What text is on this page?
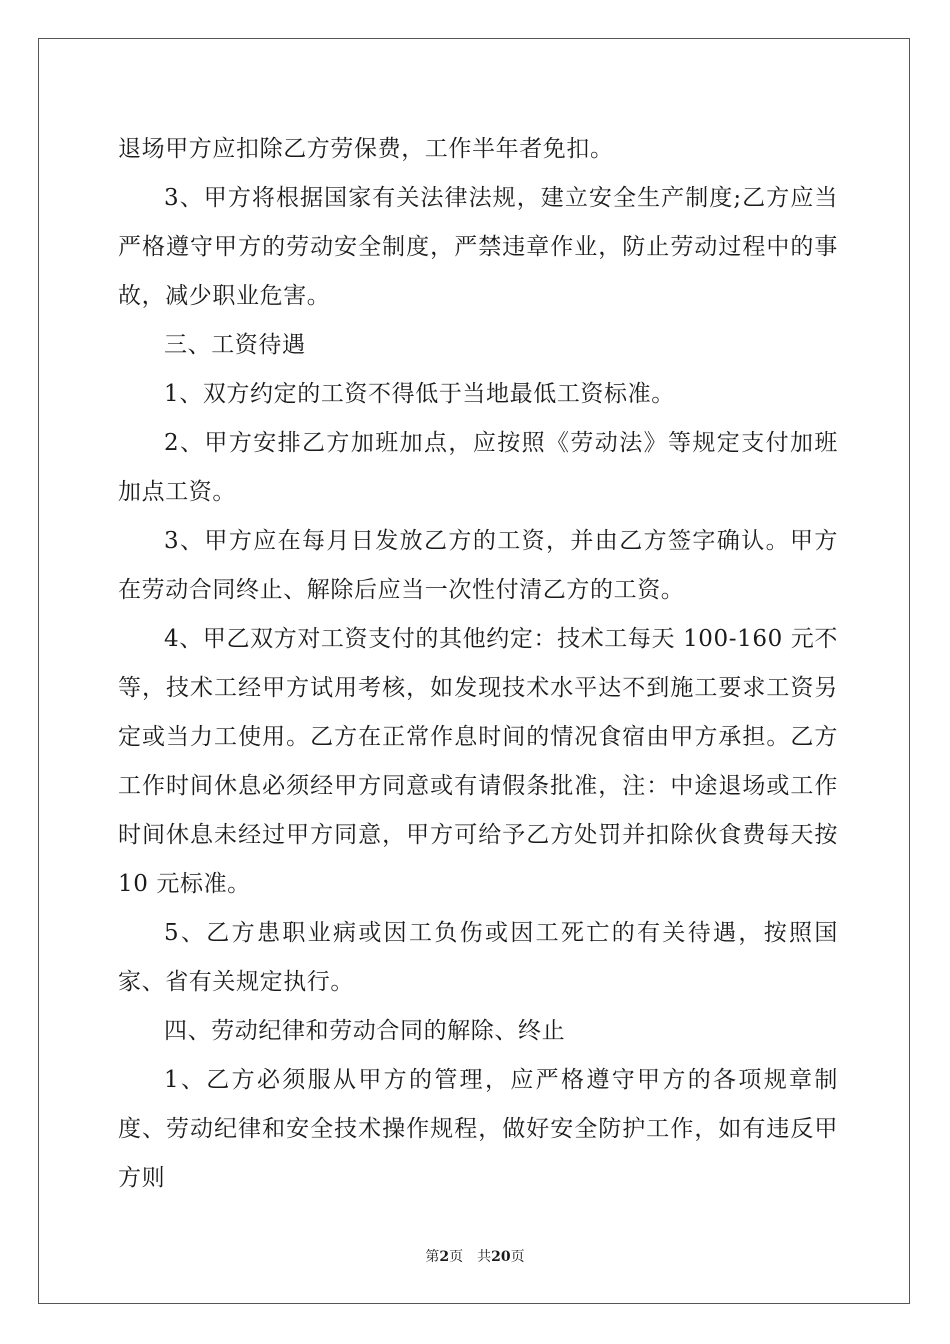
退场甲方应扣除乙方劳保费，工作半年者免扣。

3、甲方将根据国家有关法律法规，建立安全生产制度;乙方应当严格遵守甲方的劳动安全制度，严禁违章作业，防止劳动过程中的事故，减少职业危害。

三、工资待遇

1、双方约定的工资不得低于当地最低工资标准。

2、甲方安排乙方加班加点，应按照《劳动法》等规定支付加班加点工资。

3、甲方应在每月日发放乙方的工资，并由乙方签字确认。甲方在劳动合同终止、解除后应当一次性付清乙方的工资。

4、甲乙双方对工资支付的其他约定：技术工每天 100-160 元不等，技术工经甲方试用考核，如发现技术水平达不到施工要求工资另定或当力工使用。乙方在正常作息时间的情况食宿由甲方承担。乙方工作时间休息必须经甲方同意或有请假条批准，注：中途退场或工作时间休息未经过甲方同意，甲方可给予乙方处罚并扣除伙食费每天按10 元标准。

5、乙方患职业病或因工负伤或因工死亡的有关待遇，按照国家、省有关规定执行。

四、劳动纪律和劳动合同的解除、终止

1、乙方必须服从甲方的管理，应严格遵守甲方的各项规章制度、劳动纪律和安全技术操作规程，做好安全防护工作，如有违反甲方则

第2页 共20页
